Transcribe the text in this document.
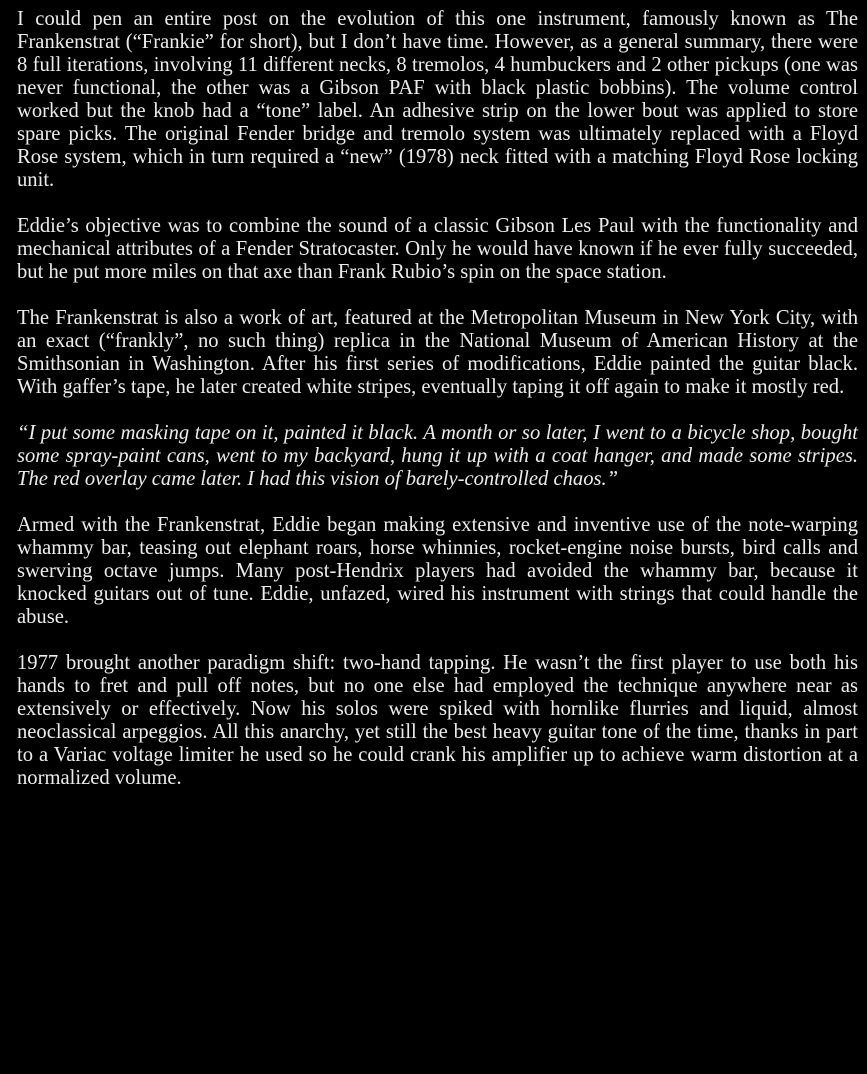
I could pen an entire post on the evolution of this one instrument, famously known as The Frankenstrat (“Frankie” for short), but I don’t have time. However, as a general summary, there were 8 full iterations, involving 11 different necks, 8 tremolos, 4 humbuckers and 2 other pickups (one was never functional, the other was a Gibson PAF with black plastic bobbins). The volume control worked but the knob had a “tone” label. An adhesive strip on the lower bout was applied to store spare picks. The original Fender bridge and tremolo system was ultimately replaced with a Floyd Rose system, which in turn required a “new” (1978) neck fitted with a matching Floyd Rose locking unit.

Eddie’s objective was to combine the sound of a classic Gibson Les Paul with the functionality and mechanical attributes of a Fender Stratocaster. Only he would have known if he ever fully succeeded, but he put more miles on that axe than Frank Rubio’s spin on the space station.

The Frankenstrat is also a work of art, featured at the Metropolitan Museum in New York City, with an exact (“frankly”, no such thing) replica in the National Museum of American History at the Smithsonian in Washington. After his first series of modifications, Eddie painted the guitar black. With gaffer’s tape, he later created white stripes, eventually taping it off again to make it mostly red.

“I put some masking tape on it, painted it black. A month or so later, I went to a bicycle shop, bought some spray-paint cans, went to my backyard, hung it up with a coat hanger, and made some stripes. The red overlay came later. I had this vision of barely-controlled chaos.”

Armed with the Frankenstrat, Eddie began making extensive and inventive use of the note-warping whammy bar, teasing out elephant roars, horse whinnies, rocket-engine noise bursts, bird calls and swerving octave jumps. Many post-Hendrix players had avoided the whammy bar, because it knocked guitars out of tune. Eddie, unfazed, wired his instrument with strings that could handle the abuse.

1977 brought another paradigm shift: two-hand tapping. He wasn’t the first player to use both his hands to fret and pull off notes, but no one else had employed the technique anywhere near as extensively or effectively. Now his solos were spiked with hornlike flurries and liquid, almost neoclassical arpeggios. All this anarchy, yet still the best heavy guitar tone of the time, thanks in part to a Variac voltage limiter he used so he could crank his amplifier up to achieve warm distortion at a normalized volume.
